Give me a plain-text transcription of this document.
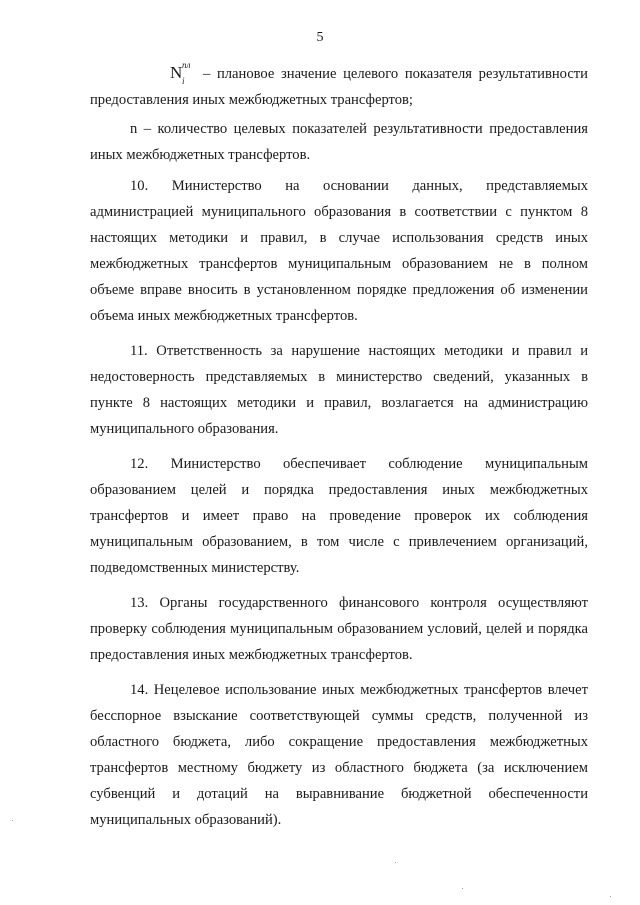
5

N пл
i – плановое значение целевого показателя результативности предоставления иных межбюджетных трансфертов;

n – количество целевых показателей результативности предоставления иных межбюджетных трансфертов.

10. Министерство на основании данных, представляемых администрацией муниципального образования в соответствии с пунктом 8 настоящих методики и правил, в случае использования средств иных межбюджетных трансфертов муниципальным образованием не в полном объеме вправе вносить в установленном порядке предложения об изменении объема иных межбюджетных трансфертов.

11. Ответственность за нарушение настоящих методики и правил и недостоверность представляемых в министерство сведений, указанных в пункте 8 настоящих методики и правил, возлагается на администрацию муниципального образования.

12. Министерство обеспечивает соблюдение муниципальным образованием целей и порядка предоставления иных межбюджетных трансфертов и имеет право на проведение проверок их соблюдения муниципальным образованием, в том числе с привлечением организаций, подведомственных министерству.

13. Органы государственного финансового контроля осуществляют проверку соблюдения муниципальным образованием условий, целей и порядка предоставления иных межбюджетных трансфертов.

14. Нецелевое использование иных межбюджетных трансфертов влечет бесспорное взыскание соответствующей суммы средств, полученной из областного бюджета, либо сокращение предоставления межбюджетных трансфертов местному бюджету из областного бюджета (за исключением субвенций и дотаций на выравнивание бюджетной обеспеченности муниципальных образований).
